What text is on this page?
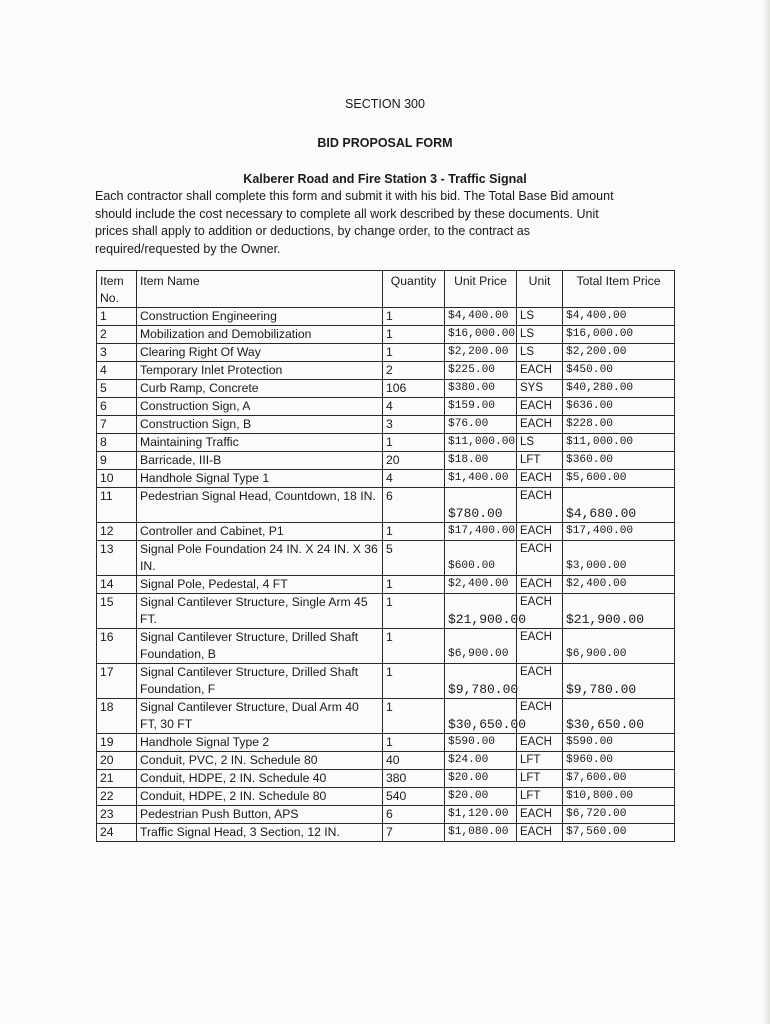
SECTION 300
BID PROPOSAL FORM
Kalberer Road and Fire Station 3 - Traffic Signal
Each contractor shall complete this form and submit it with his bid. The Total Base Bid amount
should include the cost necessary to complete all work described by these documents. Unit
prices shall apply to addition or deductions, by change order, to the contract as
required/requested by the Owner.
Item No.	Item Name	Quantity	Unit Price	Unit	Total Item Price
1	Construction Engineering	1	$4,400.00	LS	$4,400.00
2	Mobilization and Demobilization	1	$16,000.00	LS	$16,000.00
3	Clearing Right Of Way	1	$2,200.00	LS	$2,200.00
4	Temporary Inlet Protection	2	$225.00	EACH	$450.00
5	Curb Ramp, Concrete	106	$380.00	SYS	$40,280.00
6	Construction Sign, A	4	$159.00	EACH	$636.00
7	Construction Sign, B	3	$76.00	EACH	$228.00
8	Maintaining Traffic	1	$11,000.00	LS	$11,000.00
9	Barricade, III-B	20	$18.00	LFT	$360.00
10	Handhole Signal Type 1	4	$1,400.00	EACH	$5,600.00
11	Pedestrian Signal Head, Countdown, 18 IN.	6	$780.00	EACH	$4,680.00
12	Controller and Cabinet, P1	1	$17,400.00	EACH	$17,400.00
13	Signal Pole Foundation 24 IN. X 24 IN. X 36 IN.	5	$600.00	EACH	$3,000.00
14	Signal Pole, Pedestal, 4 FT	1	$2,400.00	EACH	$2,400.00
15	Signal Cantilever Structure, Single Arm 45 FT.	1	$21,900.00	EACH	$21,900.00
16	Signal Cantilever Structure, Drilled Shaft Foundation, B	1	$6,900.00	EACH	$6,900.00
17	Signal Cantilever Structure, Drilled Shaft Foundation, F	1	$9,780.00	EACH	$9,780.00
18	Signal Cantilever Structure, Dual Arm 40 FT, 30 FT	1	$30,650.00	EACH	$30,650.00
19	Handhole Signal Type 2	1	$590.00	EACH	$590.00
20	Conduit, PVC, 2 IN. Schedule 80	40	$24.00	LFT	$960.00
21	Conduit, HDPE, 2 IN. Schedule 40	380	$20.00	LFT	$7,600.00
22	Conduit, HDPE, 2 IN. Schedule 80	540	$20.00	LFT	$10,800.00
23	Pedestrian Push Button, APS	6	$1,120.00	EACH	$6,720.00
24	Traffic Signal Head, 3 Section, 12 IN.	7	$1,080.00	EACH	$7,560.00
